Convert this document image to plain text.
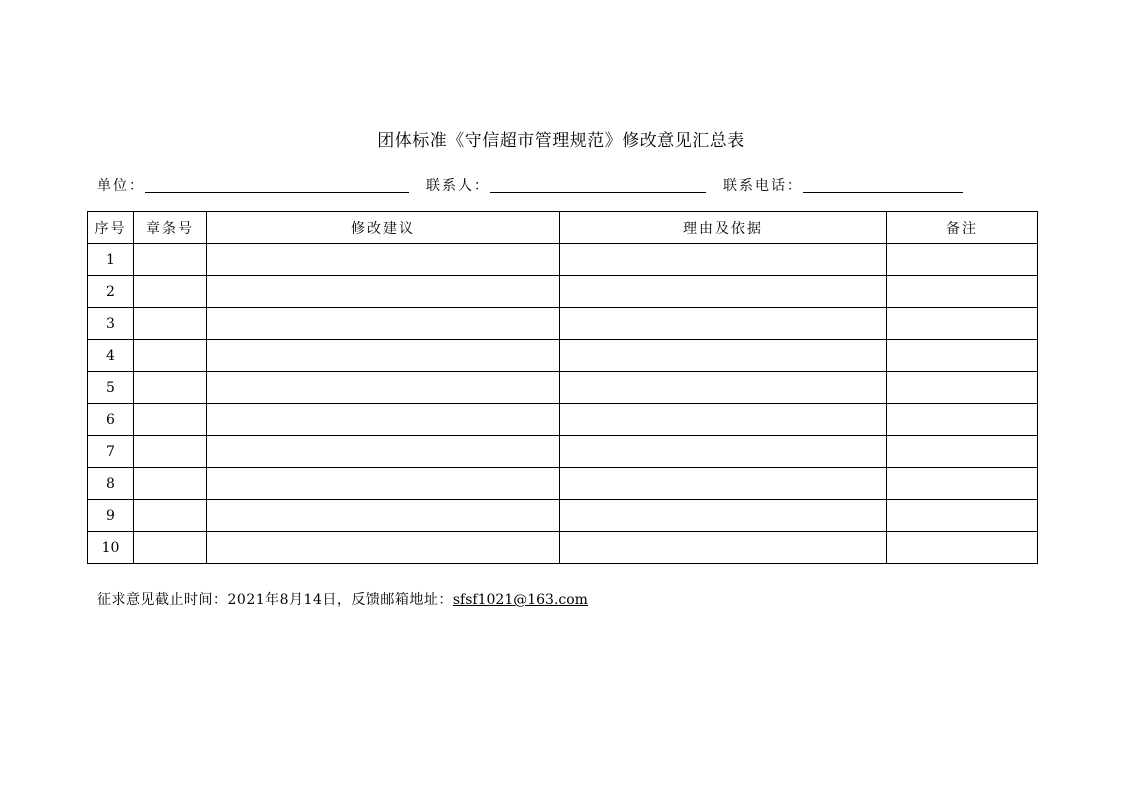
团体标准《守信超市管理规范》修改意见汇总表
单位：	联系人：	联系电话：
序号	章条号	修改建议	理由及依据	备注
1				
2				
3				
4				
5				
6				
7				
8				
9				
10				
征求意见截止时间：2021年8月14日，反馈邮箱地址：sfsf1021@163.com
